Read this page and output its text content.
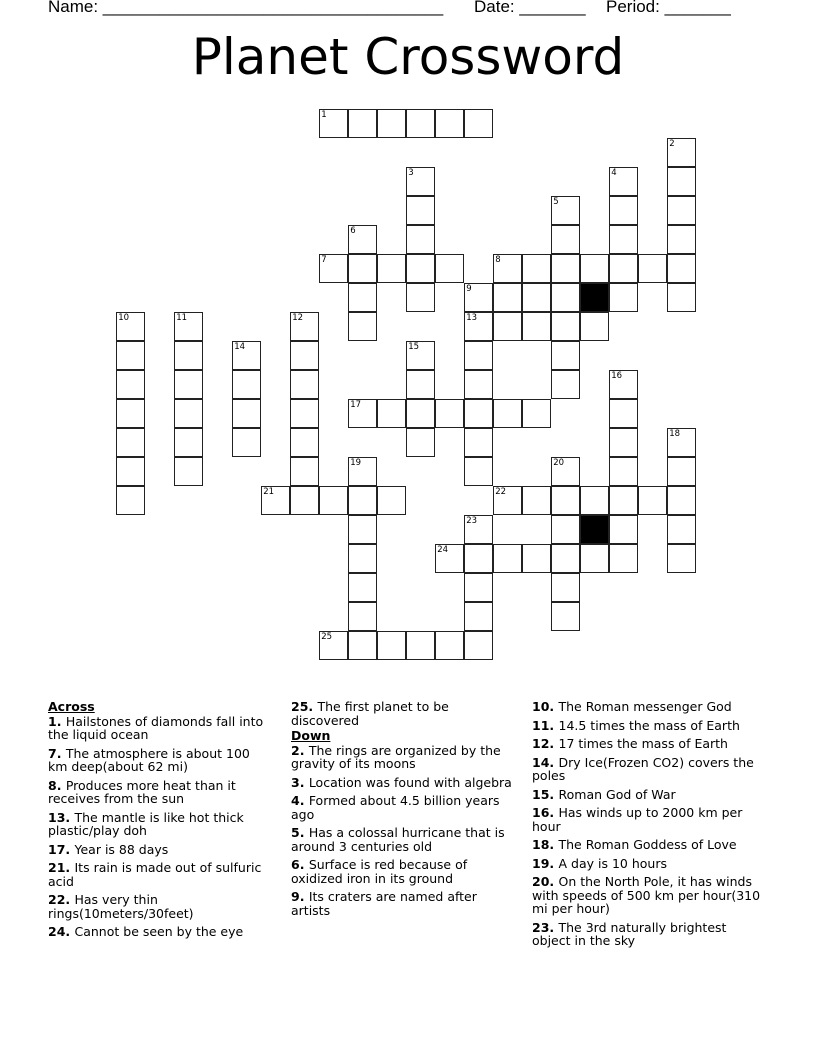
Name: ____________________________________ Date: _______ Period: _______
Planet Crossword
1
2
3	4
5
6
7	8
9
10	11	12	13
14	15
16
17
18
19	20
21	22
23
24
25
Across
1. Hailstones of diamonds fall into the liquid ocean
7. The atmosphere is about 100 km deep(about 62 mi)
8. Produces more heat than it receives from the sun
13. The mantle is like hot thick plastic/play doh
17. Year is 88 days
21. Its rain is made out of sulfuric acid
22. Has very thin rings(10meters/30feet)
24. Cannot be seen by the eye
25. The first planet to be discovered
Down
2. The rings are organized by the gravity of its moons
3. Location was found with algebra
4. Formed about 4.5 billion years ago
5. Has a colossal hurricane that is around 3 centuries old
6. Surface is red because of oxidized iron in its ground
9. Its craters are named after artists
10. The Roman messenger God
11. 14.5 times the mass of Earth
12. 17 times the mass of Earth
14. Dry Ice(Frozen CO2) covers the poles
15. Roman God of War
16. Has winds up to 2000 km per hour
18. The Roman Goddess of Love
19. A day is 10 hours
20. On the North Pole, it has winds with speeds of 500 km per hour(310 mi per hour)
23. The 3rd naturally brightest object in the sky
